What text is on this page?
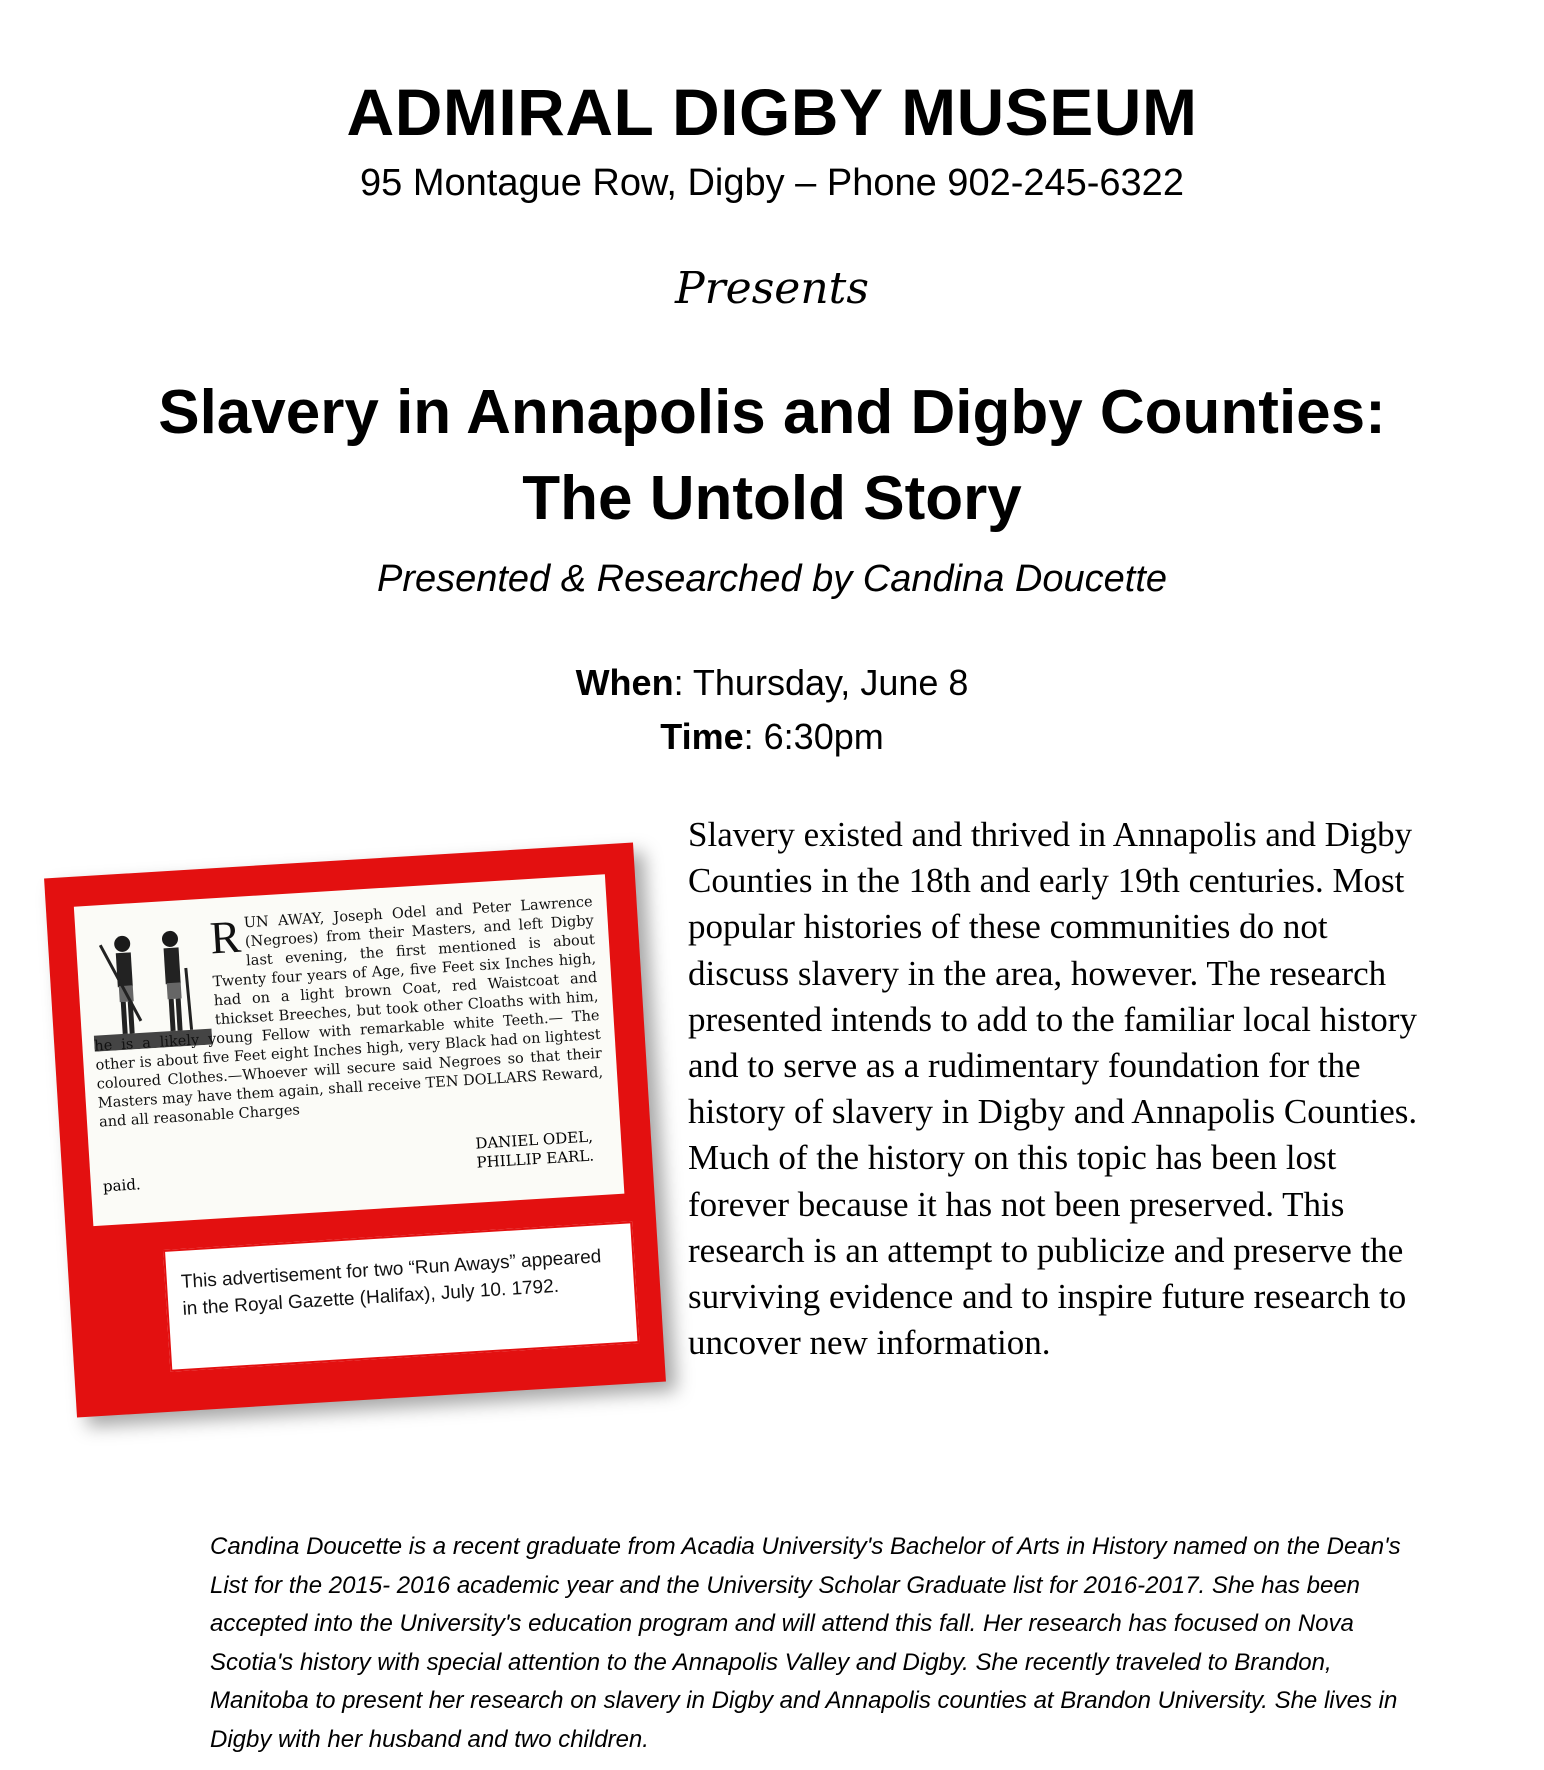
ADMIRAL DIGBY MUSEUM
95 Montague Row, Digby – Phone 902-245-6322
Presents
Slavery in Annapolis and Digby Counties:
The Untold Story
Presented & Researched by Candina Doucette
When: Thursday, June 8
Time: 6:30pm
RUN AWAY, Joseph Odel and Peter Lawrence (Negroes) from their Masters, and left Digby last evening, the first mentioned is about Twenty four years of Age, five Feet six Inches high, had on a light brown Coat, red Waistcoat and thickset Breeches, but took other Cloaths with him, he is a likely young Fellow with remarkable white Teeth.— The other is about five Feet eight Inches high, very Black had on lightest coloured Clothes.—Whoever will secure said Negroes so that their Masters may have them again, shall receive TEN DOLLARS Reward, and all reasonable Charges
paid.
DANIEL ODEL,
PHILLIP EARL.
This advertisement for two “Run Aways” appeared in the Royal Gazette (Halifax), July 10. 1792.
Slavery existed and thrived in Annapolis and Digby Counties in the 18th and early 19th centuries. Most popular histories of these communities do not discuss slavery in the area, however. The research presented intends to add to the familiar local history and to serve as a rudimentary foundation for the history of slavery in Digby and Annapolis Counties. Much of the history on this topic has been lost forever because it has not been preserved. This research is an attempt to publicize and preserve the surviving evidence and to inspire future research to uncover new information.
Candina Doucette is a recent graduate from Acadia University's Bachelor of Arts in History named on the Dean's List for the 2015- 2016 academic year and the University Scholar Graduate list for 2016-2017. She has been accepted into the University's education program and will attend this fall. Her research has focused on Nova Scotia's history with special attention to the Annapolis Valley and Digby. She recently traveled to Brandon, Manitoba to present her research on slavery in Digby and Annapolis counties at Brandon University. She lives in Digby with her husband and two children.
